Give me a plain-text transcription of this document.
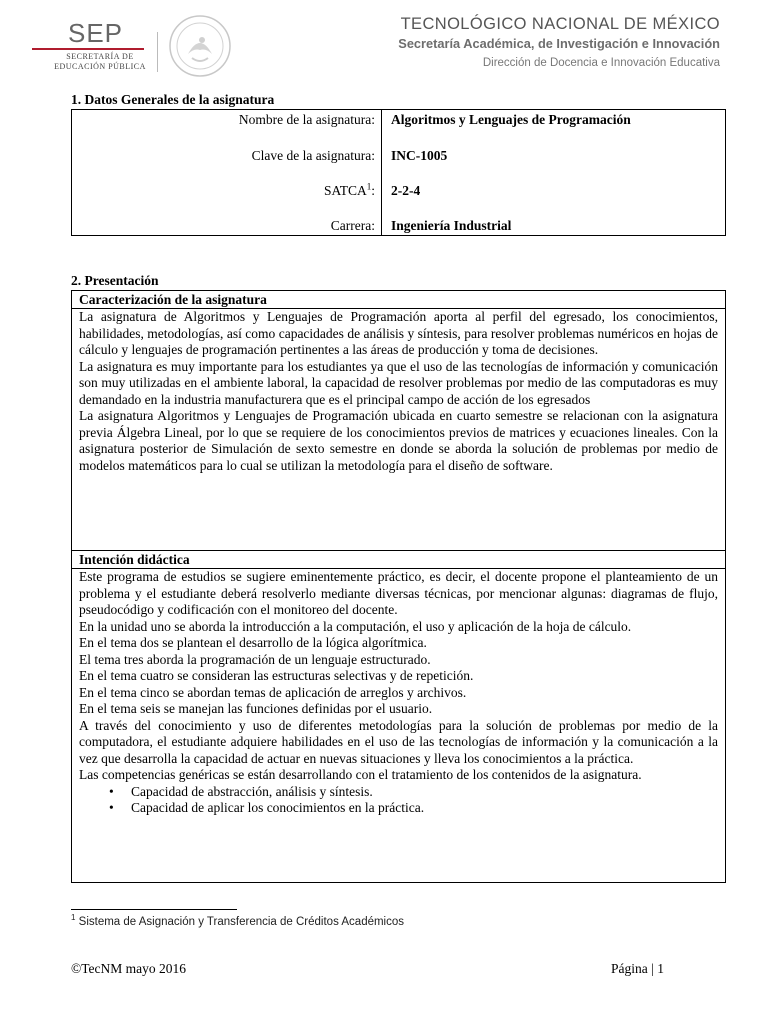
SEP
SECRETARÍA DE
EDUCACIÓN PÚBLICA
TECNOLÓGICO NACIONAL DE MÉXICO
Secretaría Académica, de Investigación e Innovación
Dirección de Docencia e Innovación Educativa
1. Datos Generales de la asignatura
Nombre de la asignatura: Algoritmos y Lenguajes de Programación
Clave de la asignatura: INC-1005
SATCA$^1$: 2-2-4
Carrera: Ingeniería Industrial
2. Presentación
Caracterización de la asignatura

La asignatura de Algoritmos y Lenguajes de Programación aporta al perfil del egresado, los conocimientos, habilidades, metodologías, así como capacidades de análisis y síntesis, para resolver problemas numéricos en hojas de cálculo y lenguajes de programación pertinentes a las áreas de producción y toma de decisiones.

La asignatura es muy importante para los estudiantes ya que el uso de las tecnologías de información y comunicación son muy utilizadas en el ambiente laboral, la capacidad de resolver problemas por medio de las computadoras es muy demandado en la industria manufacturera que es el principal campo de acción de los egresados

La asignatura Algoritmos y Lenguajes de Programación ubicada en cuarto semestre se relacionan con la asignatura previa Álgebra Lineal, por lo que se requiere de los conocimientos previos de matrices y ecuaciones lineales. Con la asignatura posterior de Simulación de sexto semestre en donde se aborda la solución de problemas por medio de modelos matemáticos para lo cual se utilizan la metodología para el diseño de software.

Intención didáctica

Este programa de estudios se sugiere eminentemente práctico, es decir, el docente propone el planteamiento de un problema y el estudiante deberá resolverlo mediante diversas técnicas, por mencionar algunas: diagramas de flujo, pseudocódigo y codificación con el monitoreo del docente.

En la unidad uno se aborda la introducción a la computación, el uso y aplicación de la hoja de cálculo.

En el tema dos se plantean el desarrollo de la lógica algorítmica.

El tema tres aborda la programación de un lenguaje estructurado.

En el tema cuatro se consideran las estructuras selectivas y de repetición.

En el tema cinco se abordan temas de aplicación de arreglos y archivos.

En el tema seis se manejan las funciones definidas por el usuario.

A través del conocimiento y uso de diferentes metodologías para la solución de problemas por medio de la computadora, el estudiante adquiere habilidades en el uso de las tecnologías de información y la comunicación a la vez que desarrolla la capacidad de actuar en nuevas situaciones y lleva los conocimientos a la práctica.

Las competencias genéricas se están desarrollando con el tratamiento de los contenidos de la asignatura.

• Capacidad de abstracción, análisis y síntesis.
• Capacidad de aplicar los conocimientos en la práctica.
$^1$ Sistema de Asignación y Transferencia de Créditos Académicos
©TecNM mayo 2016	Página | 1
